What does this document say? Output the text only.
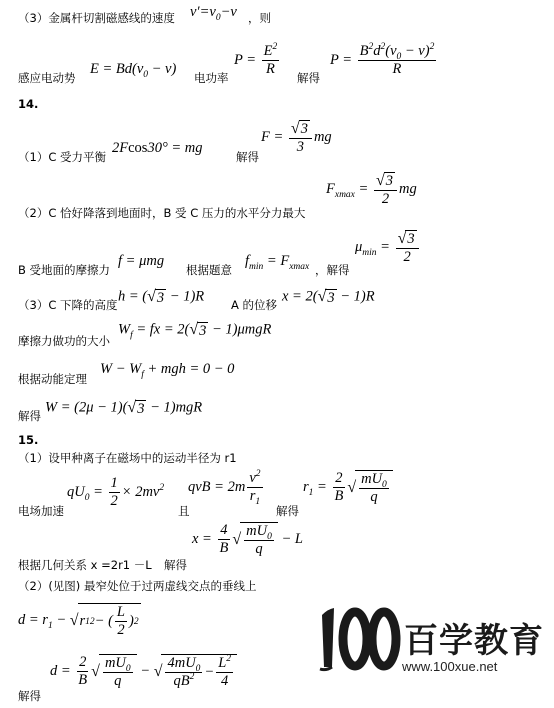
（3）金属杆切割磁感线的速度 $v'=v_0-v$ ，则
感应电动势
$E = Bd(v_0 - v)$
电功率
$P = \frac{E^2}{R}$
解得
$P = \frac{B^2d^2(v_0 - v)^2}{R}$
14.
（1）C 受力平衡
2Fcos30° = mg
解得
$F = \frac{√ 3}{3}$ mg
（2）C 恰好降落到地面时，B 受 C 压力的水平分力最大
$F_{xmax} = \frac{√ 3}{2}$ mg
B 受地面的摩擦力
f = μmg
根据题意
$f_{min} = F_{xmax}$ ，解得
$\mu_{min} = \frac{√ 3}{2}$
（3）C 下降的高度
h = ( √ 3 − 1)R
A 的位移
x = 2( √ 3 − 1)R
摩擦力做功的大小
$W_f$ = fx = 2( √ 3 − 1)μmgR
根据动能定理
$W - W_f$ + mgh = 0 − 0
解得
W = (2μ − 1)( √ 3 − 1)mgR
15.
（1）设甲种离子在磁场中的运动半径为 r1
电场加速
$qU_0 = \frac{1}{2} \times 2mv^2$
且
qvB = $2m \frac{v^2}{r_1}$
解得
$r_1 = \frac{2}{B}$ √ $\frac{mU_0}{q}$
根据几何关系 x =2r1 －L 解得
$x = \frac{4}{B}$ √ $\frac{mU_0}{q} - L$
（2）(见图) 最窄处位于过两虚线交点的垂线上
$d = r_1$ − √ r 1 2 − ( $\frac{L}{2}$ ) 2
解得
$d = \frac{2}{B}$ √ $\frac{mU_0}{q}$ − √ $\frac{4mU_0}{qB^2} - \frac{L^2}{4}$
百学教育
www.100xue.net
